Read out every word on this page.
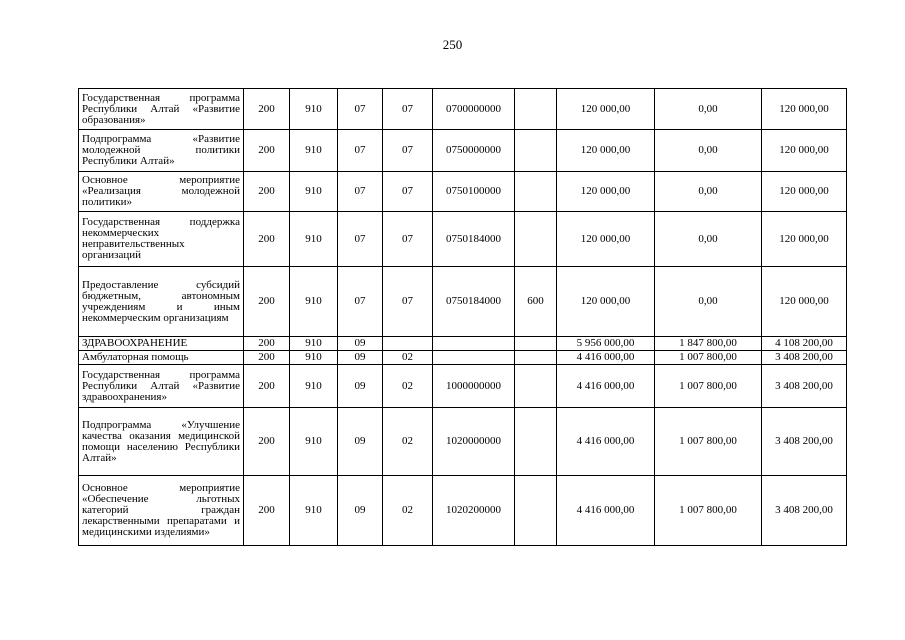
250
Государственная программа Республики Алтай «Развитие образования»	200	910	07	07	0700000000		120 000,00	0,00	120 000,00
Подпрограмма «Развитие молодежной политики Республики Алтай»	200	910	07	07	0750000000		120 000,00	0,00	120 000,00
Основное мероприятие «Реализация молодежной политики»	200	910	07	07	0750100000		120 000,00	0,00	120 000,00
Государственная поддержка некоммерческих неправительственных организаций	200	910	07	07	0750184000		120 000,00	0,00	120 000,00
Предоставление субсидий бюджетным, автономным учреждениям и иным некоммерческим организациям	200	910	07	07	0750184000	600	120 000,00	0,00	120 000,00
ЗДРАВООХРАНЕНИЕ	200	910	09				5 956 000,00	1 847 800,00	4 108 200,00
Амбулаторная помощь	200	910	09	02			4 416 000,00	1 007 800,00	3 408 200,00
Государственная программа Республики Алтай «Развитие здравоохранения»	200	910	09	02	1000000000		4 416 000,00	1 007 800,00	3 408 200,00
Подпрограмма «Улучшение качества оказания медицинской помощи населению Республики Алтай»	200	910	09	02	1020000000		4 416 000,00	1 007 800,00	3 408 200,00
Основное мероприятие «Обеспечение льготных категорий граждан лекарственными препаратами и медицинскими изделиями»	200	910	09	02	1020200000		4 416 000,00	1 007 800,00	3 408 200,00
